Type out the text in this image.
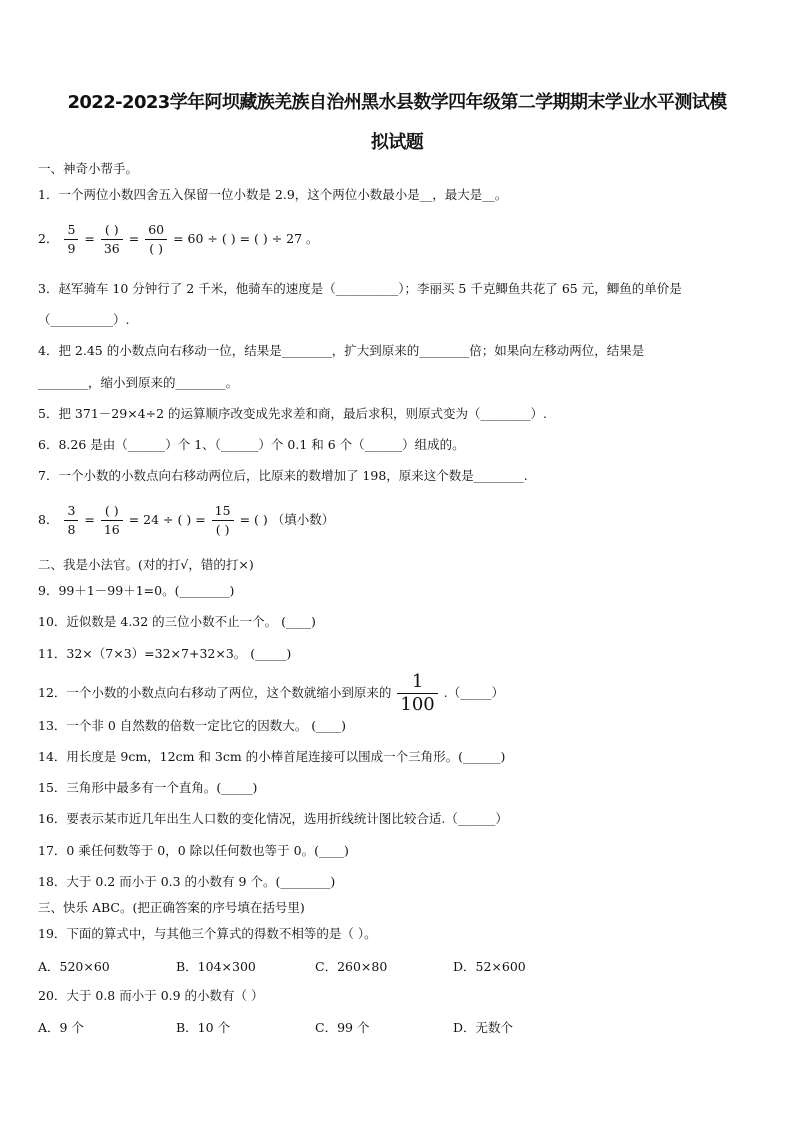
2022-2023学年阿坝藏族羌族自治州黑水县数学四年级第二学期期末学业水平测试模
拟试题
一、神奇小帮手。
1．一个两位小数四舍五入保留一位小数是 2.9，这个两位小数最小是__，最大是__。
2． $\frac{5}{9} = \frac{( )}{36} = \frac{60}{( )} = 60$ ÷ ( ) = ( ) ÷ 27 。
3．赵军骑车 10 分钟行了 2 千米，他骑车的速度是（__________）；李丽买 5 千克鲫鱼共花了 65 元，鲫鱼的单价是
（__________）.
4．把 2.45 的小数点向右移动一位，结果是________，扩大到原来的________倍；如果向左移动两位，结果是
________，缩小到原来的________。
5．把 371－29×4÷2 的运算顺序改变成先求差和商，最后求积，则原式变为（________）.
6．8.26 是由（______）个 1、（______）个 0.1 和 6 个（______）组成的。
7．一个小数的小数点向右移动两位后，比原来的数增加了 198，原来这个数是________.
8． $\frac{3}{8} = \frac{( )}{16} = 24$ ÷ ( ) = $\frac{15}{( )}$ = ( ) （填小数）
二、我是小法官。(对的打√，错的打×)
9．99＋1－99＋1=0。(________)
10．近似数是 4.32 的三位小数不止一个。 (____)
11．32×（7×3）=32×7+32×3。 (_____)
12．一个小数的小数点向右移动了两位，这个数就缩小到原来的 $\frac{1}{100}$ .（_____）
13．一个非 0 自然数的倍数一定比它的因数大。 (____)
14．用长度是 9cm，12cm 和 3cm 的小棒首尾连接可以围成一个三角形。(______)
15．三角形中最多有一个直角。(_____)
16．要表示某市近几年出生人口数的变化情况，选用折线统计图比较合适.（______）
17．0 乘任何数等于 0，0 除以任何数也等于 0。(____)
18．大于 0.2 而小于 0.3 的小数有 9 个。(________)
三、快乐 ABC。(把正确答案的序号填在括号里)
19．下面的算式中，与其他三个算式的得数不相等的是（ ）。
A．520×60	B．104×300	C．260×80	D．52×600
20．大于 0.8 而小于 0.9 的小数有（ ）
A．9 个	B．10 个	C．99 个	D．无数个
